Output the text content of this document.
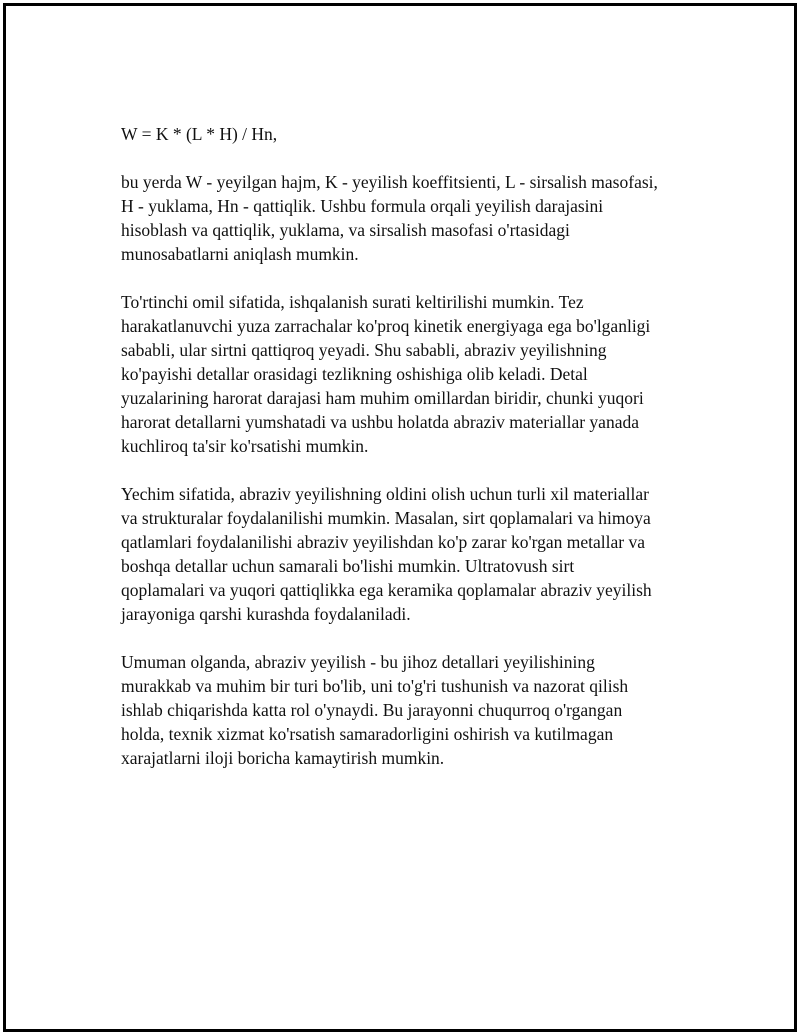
W = K * (L * H) / Hn,

bu yerda W - yeyilgan hajm, K - yeyilish koeffitsienti, L - sirsalish masofasi,
H - yuklama, Hn - qattiqlik. Ushbu formula orqali yeyilish darajasini
hisoblash va qattiqlik, yuklama, va sirsalish masofasi o'rtasidagi
munosabatlarni aniqlash mumkin.

To'rtinchi omil sifatida, ishqalanish surati keltirilishi mumkin. Tez
harakatlanuvchi yuza zarrachalar ko'proq kinetik energiyaga ega bo'lganligi
sababli, ular sirtni qattiqroq yeyadi. Shu sababli, abraziv yeyilishning
ko'payishi detallar orasidagi tezlikning oshishiga olib keladi. Detal
yuzalarining harorat darajasi ham muhim omillardan biridir, chunki yuqori
harorat detallarni yumshatadi va ushbu holatda abraziv materiallar yanada
kuchliroq ta'sir ko'rsatishi mumkin.

Yechim sifatida, abraziv yeyilishning oldini olish uchun turli xil materiallar
va strukturalar foydalanilishi mumkin. Masalan, sirt qoplamalari va himoya
qatlamlari foydalanilishi abraziv yeyilishdan ko'p zarar ko'rgan metallar va
boshqa detallar uchun samarali bo'lishi mumkin. Ultratovush sirt
qoplamalari va yuqori qattiqlikka ega keramika qoplamalar abraziv yeyilish
jarayoniga qarshi kurashda foydalaniladi.

Umuman olganda, abraziv yeyilish - bu jihoz detallari yeyilishining
murakkab va muhim bir turi bo'lib, uni to'g'ri tushunish va nazorat qilish
ishlab chiqarishda katta rol o'ynaydi. Bu jarayonni chuqurroq o'rgangan
holda, texnik xizmat ko'rsatish samaradorligini oshirish va kutilmagan
xarajatlarni iloji boricha kamaytirish mumkin.
